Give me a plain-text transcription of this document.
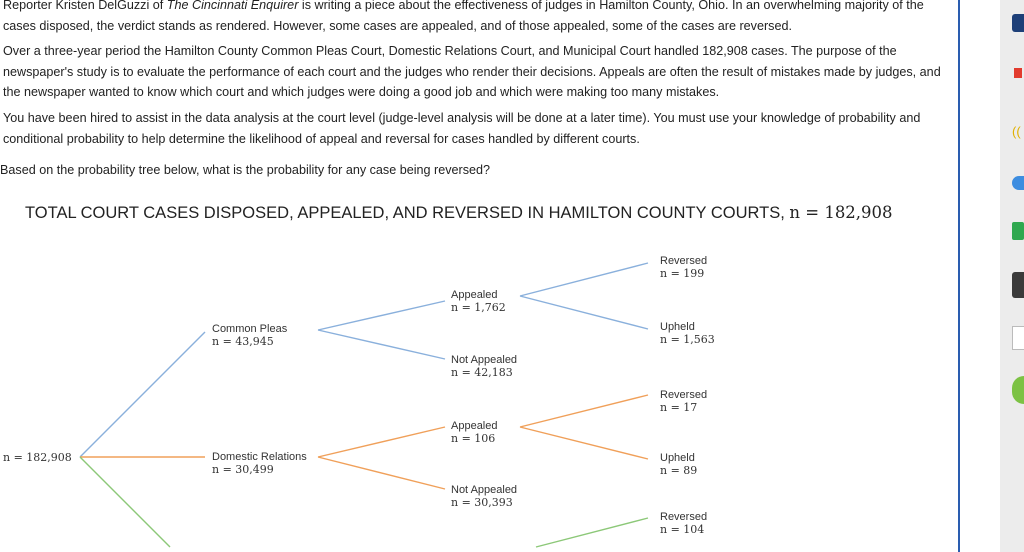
Reporter Kristen DelGuzzi of The Cincinnati Enquirer is writing a piece about the effectiveness of judges in Hamilton County, Ohio. In an overwhelming majority of the cases disposed, the verdict stands as rendered. However, some cases are appealed, and of those appealed, some of the cases are reversed.

Over a three-year period the Hamilton County Common Pleas Court, Domestic Relations Court, and Municipal Court handled 182,908 cases. The purpose of the newspaper's study is to evaluate the performance of each court and the judges who render their decisions. Appeals are often the result of mistakes made by judges, and the newspaper wanted to know which court and which judges were doing a good job and which were making too many mistakes.

You have been hired to assist in the data analysis at the court level (judge-level analysis will be done at a later time). You must use your knowledge of probability and conditional probability to help determine the likelihood of appeal and reversal for cases handled by different courts.

Based on the probability tree below, what is the probability for any case being reversed?

TOTAL COURT CASES DISPOSED, APPEALED, AND REVERSED IN HAMILTON COUNTY COURTS, n = 182,908
n = 182,908
Common Pleas
n = 43,945
Appealed
n = 1,762
Not Appealed
n = 42,183
Reversed
n = 199
Upheld
n = 1,563
Domestic Relations
n = 30,499
Appealed
n = 106
Not Appealed
n = 30,393
Reversed
n = 17
Upheld
n = 89
Reversed
n = 104
((
